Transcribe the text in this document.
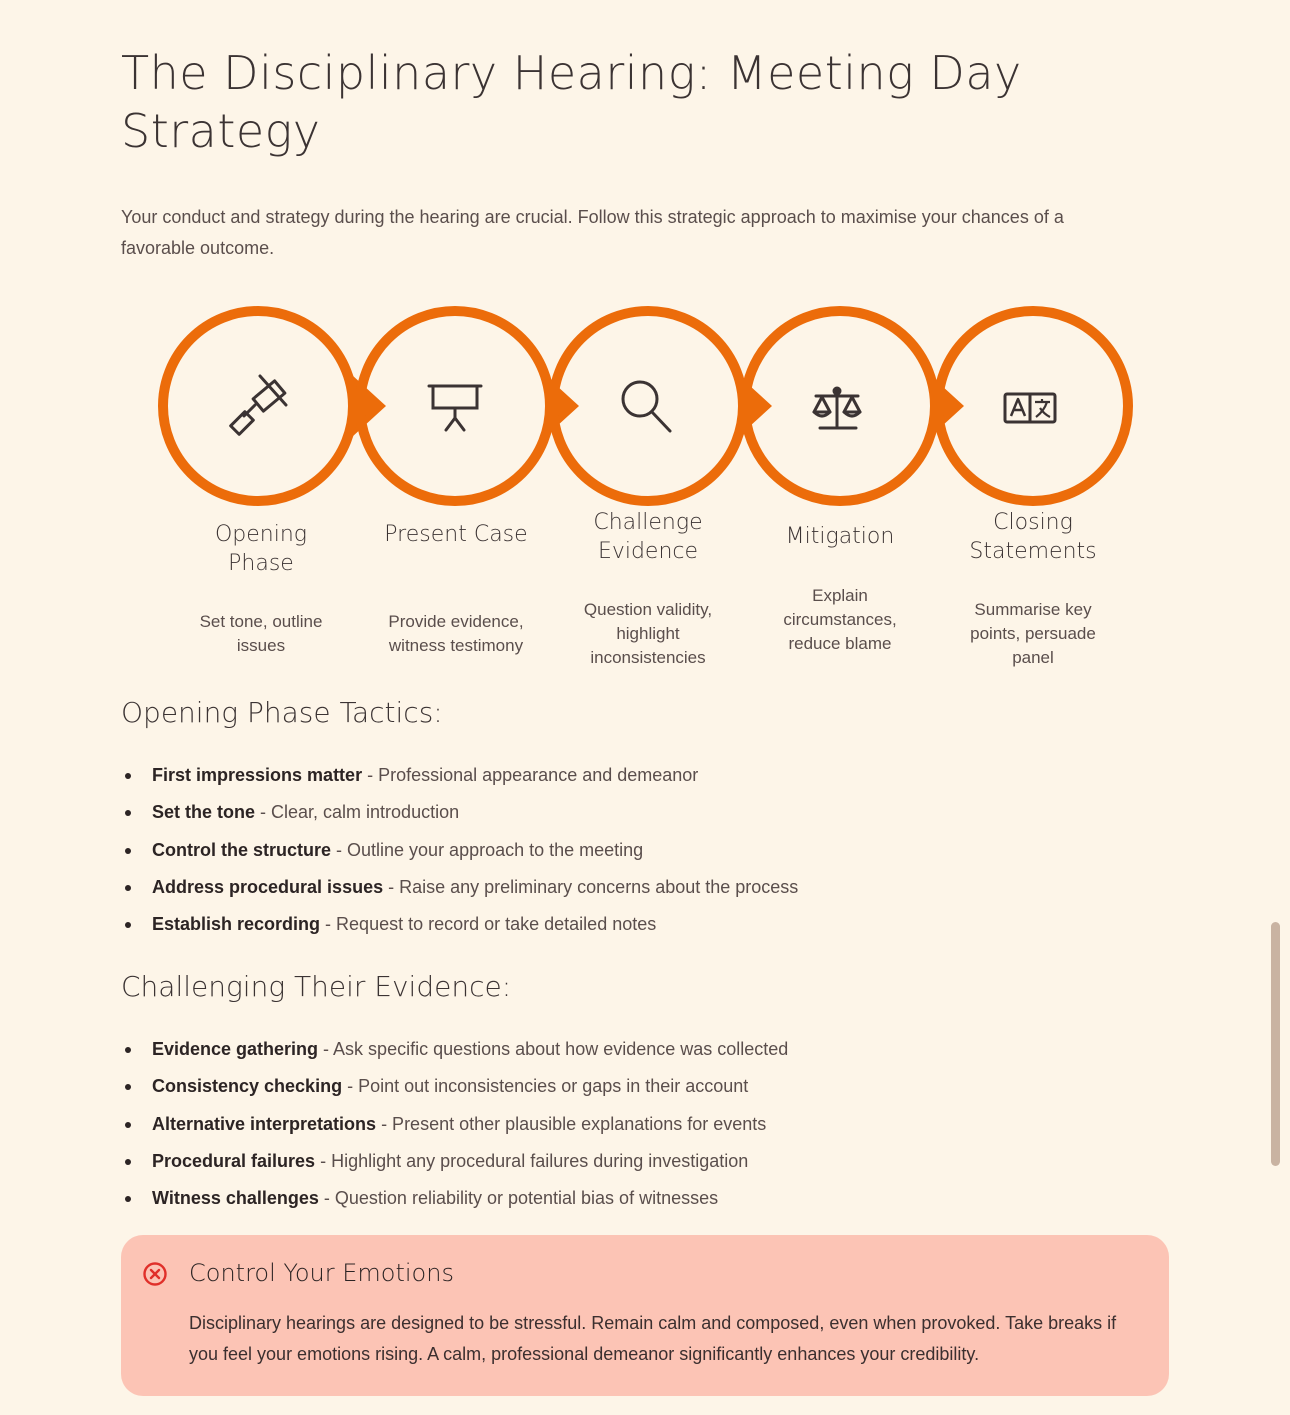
The Disciplinary Hearing: Meeting Day Strategy

Your conduct and strategy during the hearing are crucial. Follow this strategic approach to maximise your chances of a favorable outcome.

Opening Phase
Present Case	Challenge Evidence
Mitigation
Closing Statements
Set tone, outline issues
Provide evidence, witness testimony
Question validity, highlight inconsistencies
Explain circumstances, reduce blame
Summarise key points, persuade panel
Opening Phase Tactics:
First impressions matter - Professional appearance and demeanor
Set the tone - Clear, calm introduction
Control the structure - Outline your approach to the meeting
Address procedural issues - Raise any preliminary concerns about the process
Establish recording - Request to record or take detailed notes
Challenging Their Evidence:
Evidence gathering - Ask specific questions about how evidence was collected
Consistency checking - Point out inconsistencies or gaps in their account
Alternative interpretations - Present other plausible explanations for events
Procedural failures - Highlight any procedural failures during investigation
Witness challenges - Question reliability or potential bias of witnesses
Control Your Emotions

Disciplinary hearings are designed to be stressful. Remain calm and composed, even when provoked. Take breaks if you feel your emotions rising. A calm, professional demeanor significantly enhances your credibility.
